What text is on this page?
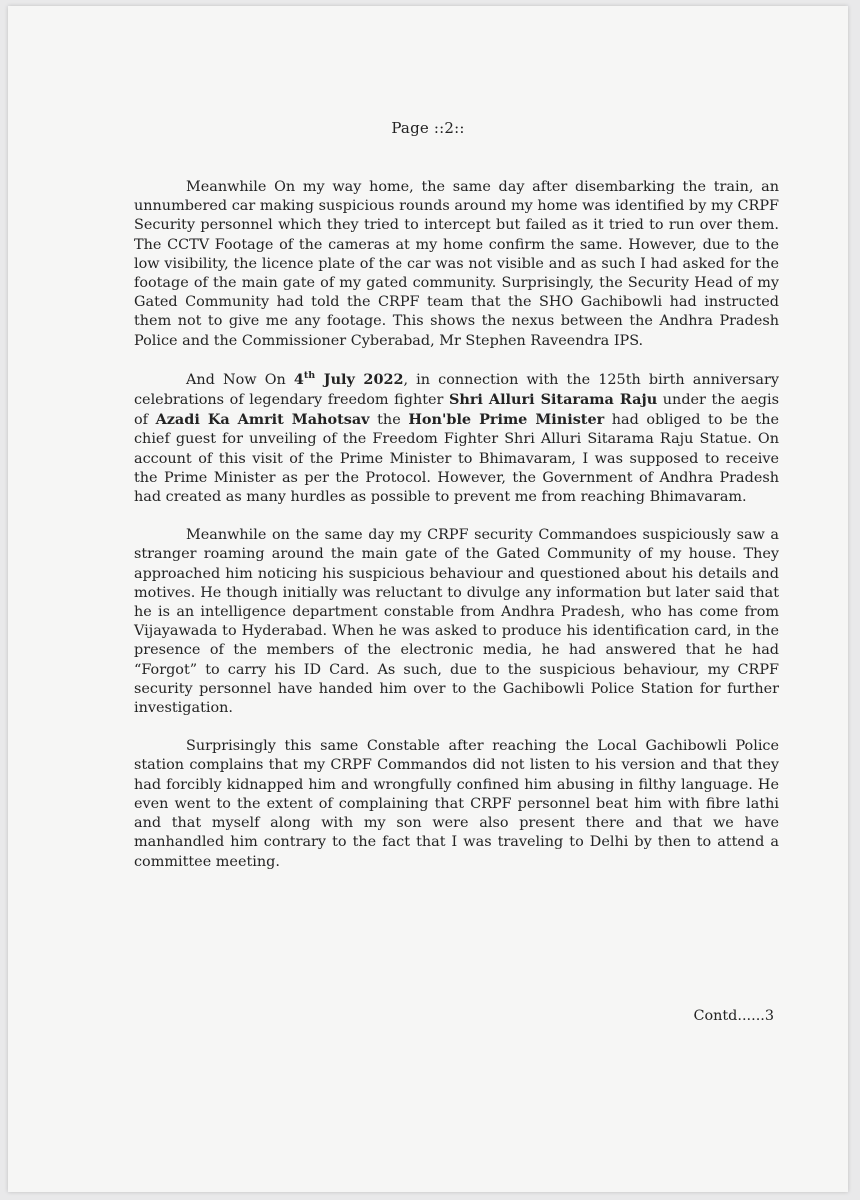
Page ::2::

Meanwhile On my way home, the same day after disembarking the train, an unnumbered car making suspicious rounds around my home was identified by my CRPF Security personnel which they tried to intercept but failed as it tried to run over them. The CCTV Footage of the cameras at my home confirm the same. However, due to the low visibility, the licence plate of the car was not visible and as such I had asked for the footage of the main gate of my gated community. Surprisingly, the Security Head of my Gated Community had told the CRPF team that the SHO Gachibowli had instructed them not to give me any footage. This shows the nexus between the Andhra Pradesh Police and the Commissioner Cyberabad, Mr Stephen Raveendra IPS.

And Now On 4th July 2022, in connection with the 125th birth anniversary celebrations of legendary freedom fighter Shri Alluri Sitarama Raju under the aegis of Azadi Ka Amrit Mahotsav the Hon'ble Prime Minister had obliged to be the chief guest for unveiling of the Freedom Fighter Shri Alluri Sitarama Raju Statue. On account of this visit of the Prime Minister to Bhimavaram, I was supposed to receive the Prime Minister as per the Protocol. However, the Government of Andhra Pradesh had created as many hurdles as possible to prevent me from reaching Bhimavaram.

Meanwhile on the same day my CRPF security Commandoes suspiciously saw a stranger roaming around the main gate of the Gated Community of my house. They approached him noticing his suspicious behaviour and questioned about his details and motives. He though initially was reluctant to divulge any information but later said that he is an intelligence department constable from Andhra Pradesh, who has come from Vijayawada to Hyderabad. When he was asked to produce his identification card, in the presence of the members of the electronic media, he had answered that he had “Forgot” to carry his ID Card. As such, due to the suspicious behaviour, my CRPF security personnel have handed him over to the Gachibowli Police Station for further investigation.

Surprisingly this same Constable after reaching the Local Gachibowli Police station complains that my CRPF Commandos did not listen to his version and that they had forcibly kidnapped him and wrongfully confined him abusing in filthy language. He even went to the extent of complaining that CRPF personnel beat him with fibre lathi and that myself along with my son were also present there and that we have manhandled him contrary to the fact that I was traveling to Delhi by then to attend a committee meeting.

Contd......3
